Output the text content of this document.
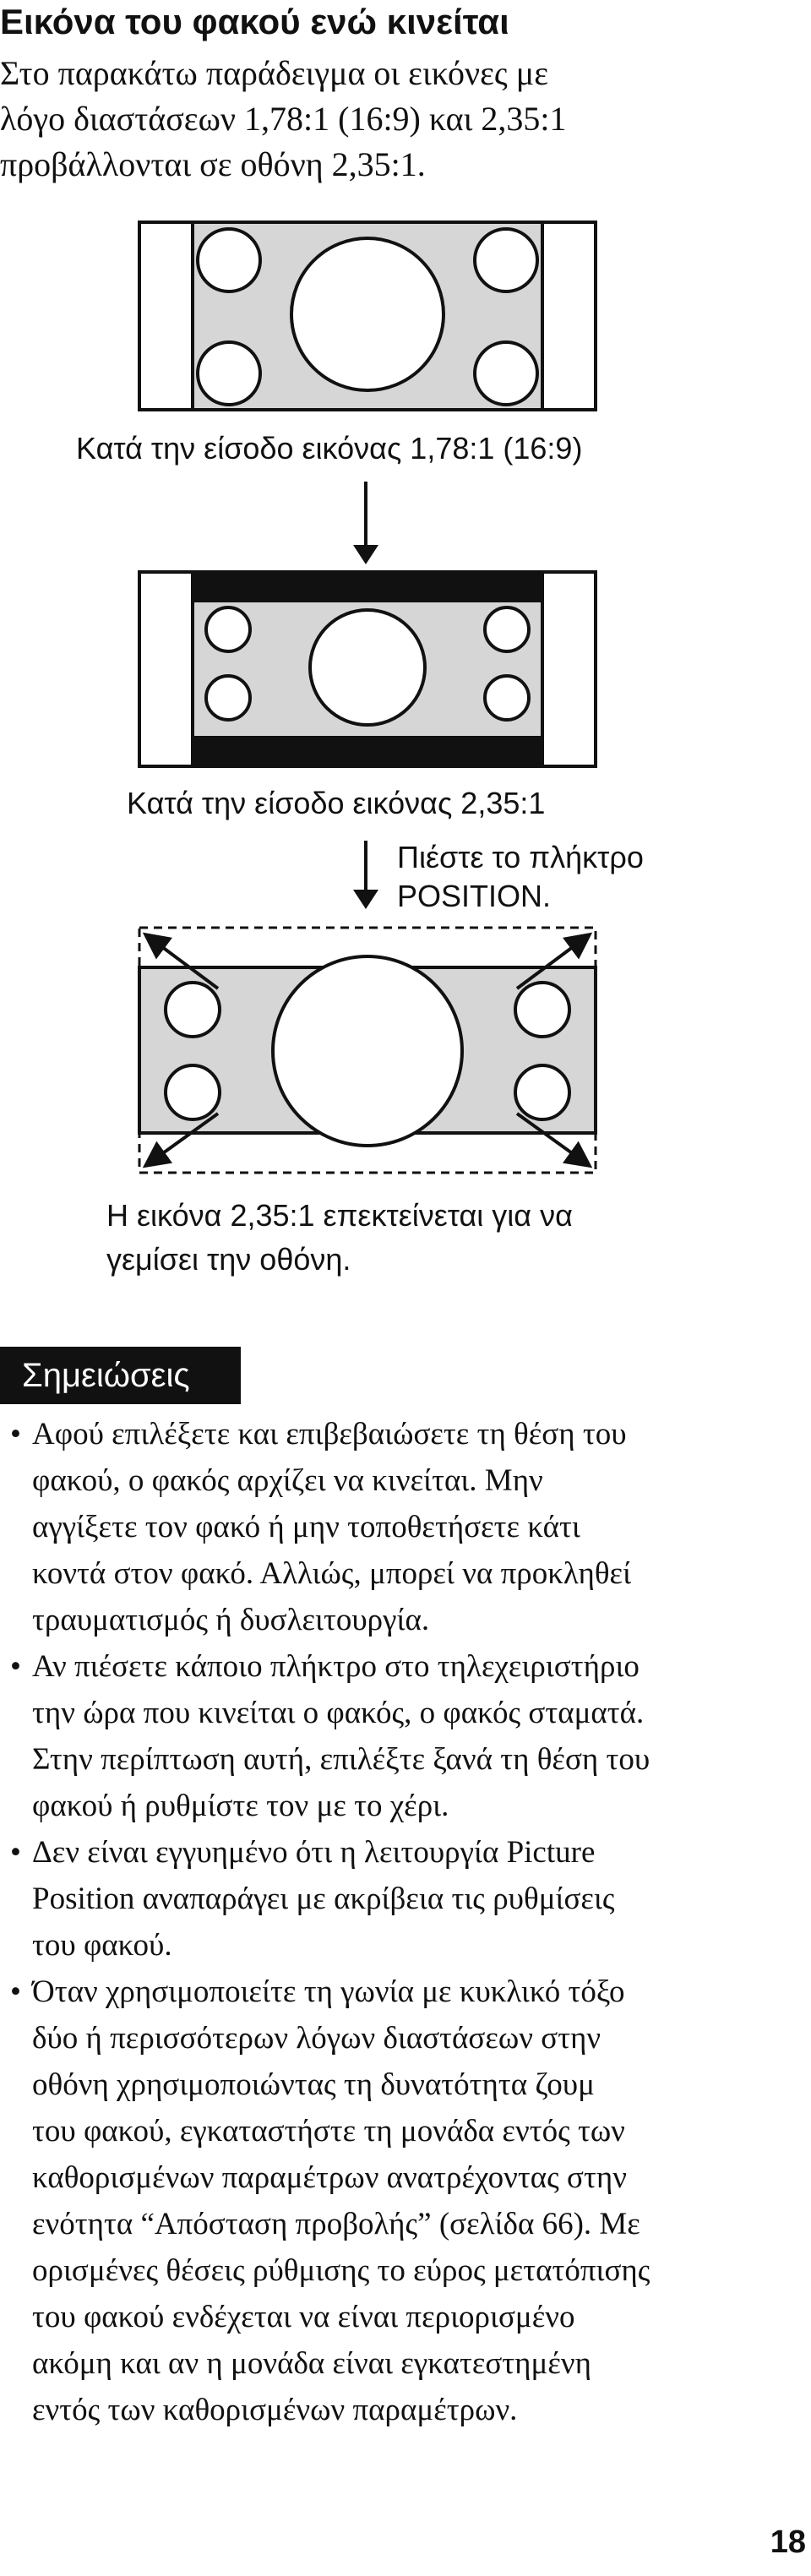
Εικόνα του φακού ενώ κινείται
Στο παρακάτω παράδειγμα οι εικόνες με
λόγο διαστάσεων 1,78:1 (16:9) και 2,35:1
προβάλλονται σε οθόνη 2,35:1.
Κατά την είσοδο εικόνας 1,78:1 (16:9)
Κατά την είσοδο εικόνας 2,35:1
Πιέστε το πλήκτρο
POSITION.
Η εικόνα 2,35:1 επεκτείνεται για να
γεμίσει την οθόνη.
Σημειώσεις
• Αφού επιλέξετε και επιβεβαιώσετε τη θέση του
φακού, ο φακός αρχίζει να κινείται. Μην
αγγίξετε τον φακό ή μην τοποθετήσετε κάτι
κοντά στον φακό. Αλλιώς, μπορεί να προκληθεί
τραυματισμός ή δυσλειτουργία.
• Αν πιέσετε κάποιο πλήκτρο στο τηλεχειριστήριο
την ώρα που κινείται ο φακός, ο φακός σταματά.
Στην περίπτωση αυτή, επιλέξτε ξανά τη θέση του
φακού ή ρυθμίστε τον με το χέρι.
• Δεν είναι εγγυημένο ότι η λειτουργία Picture
Position αναπαράγει με ακρίβεια τις ρυθμίσεις
του φακού.
• Όταν χρησιμοποιείτε τη γωνία με κυκλικό τόξο
δύο ή περισσότερων λόγων διαστάσεων στην
οθόνη χρησιμοποιώντας τη δυνατότητα ζουμ
του φακού, εγκαταστήστε τη μονάδα εντός των
καθορισμένων παραμέτρων ανατρέχοντας στην
ενότητα “Απόσταση προβολής” (σελίδα 66). Με
ορισμένες θέσεις ρύθμισης το εύρος μετατόπισης
του φακού ενδέχεται να είναι περιορισμένο
ακόμη και αν η μονάδα είναι εγκατεστημένη
εντός των καθορισμένων παραμέτρων.
18
